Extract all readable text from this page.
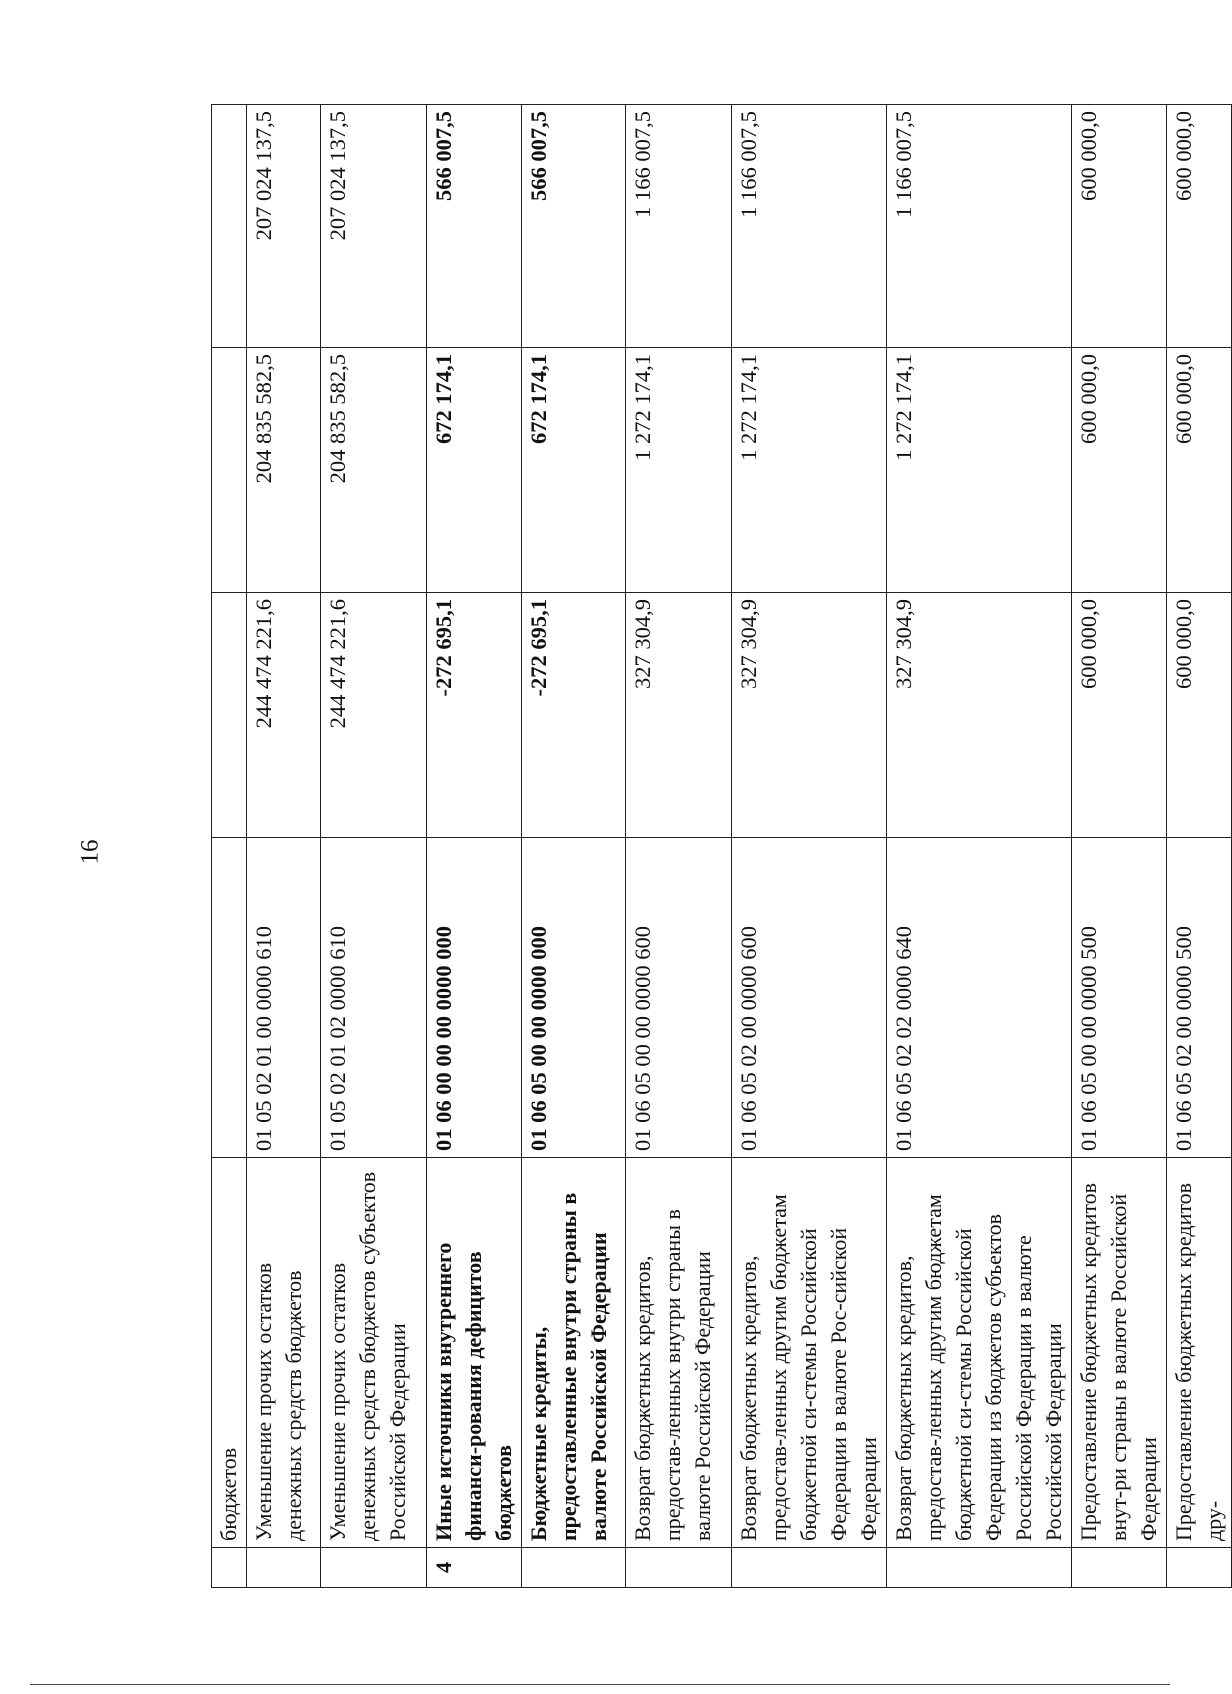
16
	бюджетов				
	Уменьшение прочих остатков денежных средств бюджетов	01 05 02 01 00 0000 610	244 474 221,6	204 835 582,5	207 024 137,5
	Уменьшение прочих остатков денежных средств бюджетов субъектов Российской Федерации	01 05 02 01 02 0000 610	244 474 221,6	204 835 582,5	207 024 137,5
4	Иные источники внутреннего финанси-рования дефицитов бюджетов	01 06 00 00 00 0000 000	-272 695,1	672 174,1	566 007,5
	Бюджетные кредиты, предоставленные внутри страны в валюте Российской Федерации	01 06 05 00 00 0000 000	-272 695,1	672 174,1	566 007,5
	Возврат бюджетных кредитов, предостав-ленных внутри страны в валюте Российской Федерации	01 06 05 00 00 0000 600	327 304,9	1 272 174,1	1 166 007,5
	Возврат бюджетных кредитов, предостав-ленных другим бюджетам бюджетной си-стемы Российской Федерации в валюте Рос-сийской Федерации	01 06 05 02 00 0000 600	327 304,9	1 272 174,1	1 166 007,5
	Возврат бюджетных кредитов, предостав-ленных другим бюджетам бюджетной си-стемы Российской Федерации из бюджетов субъектов Российской Федерации в валюте Российской Федерации	01 06 05 02 02 0000 640	327 304,9	1 272 174,1	1 166 007,5
	Предоставление бюджетных кредитов внут-ри страны в валюте Российской Федерации	01 06 05 00 00 0000 500	600 000,0	600 000,0	600 000,0
	Предоставление бюджетных кредитов дру-	01 06 05 02 00 0000 500	600 000,0	600 000,0	600 000,0
